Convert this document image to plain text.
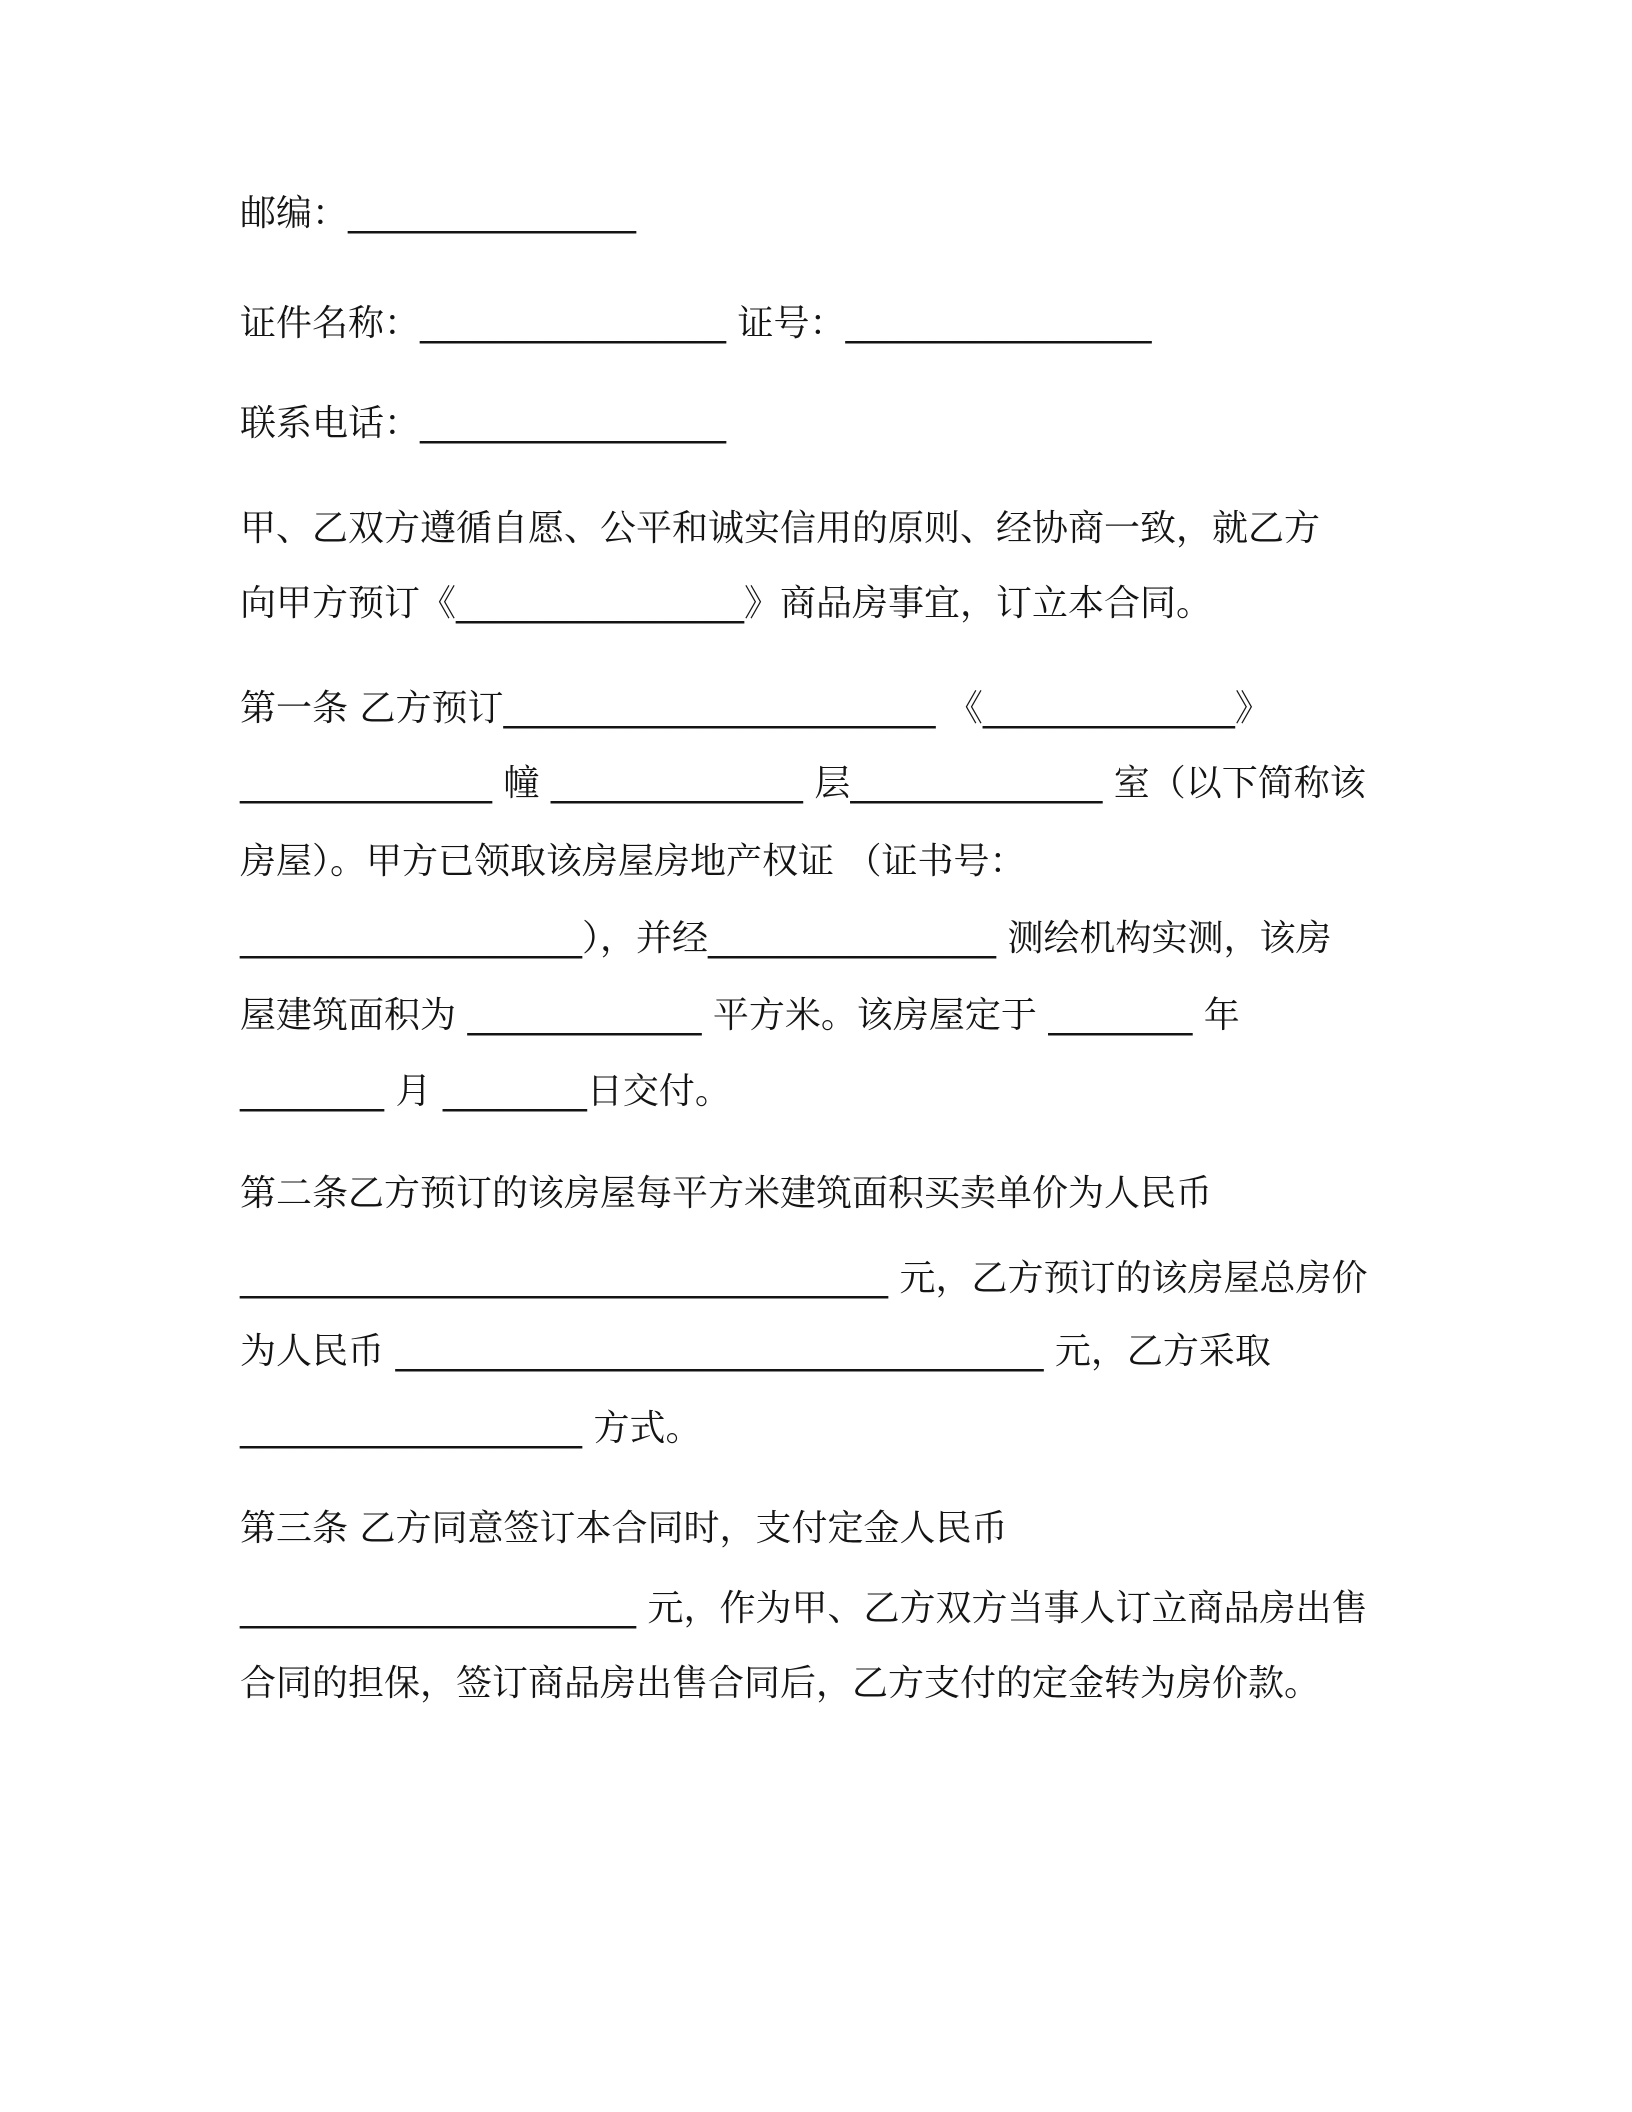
邮编：________________
证件名称：_________________ 证号：_________________
联系电话：_________________
甲、乙双方遵循自愿、公平和诚实信用的原则、经协商一致，就乙方
向甲方预订《________________》商品房事宜，订立本合同。
第一条 乙方预订________________________ 《______________》
______________ 幢 ______________ 层______________ 室（以下简称该
房屋）。甲方已领取该房屋房地产权证 （证书号：
___________________），并经________________ 测绘机构实测，该房
屋建筑面积为 _____________ 平方米。该房屋定于 ________ 年
________ 月 ________日交付。
第二条乙方预订的该房屋每平方米建筑面积买卖单价为人民币
____________________________________ 元，乙方预订的该房屋总房价
为人民币 ____________________________________ 元，乙方采取
___________________ 方式。
第三条 乙方同意签订本合同时，支付定金人民币
______________________ 元，作为甲、乙方双方当事人订立商品房出售
合同的担保，签订商品房出售合同后，乙方支付的定金转为房价款。
